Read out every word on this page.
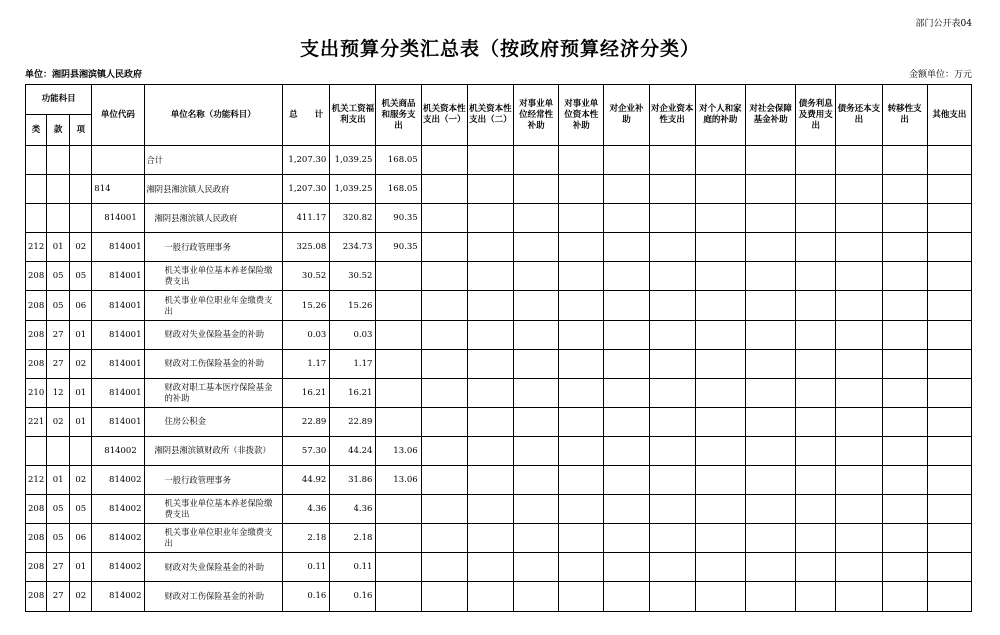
部门公开表04
支出预算分类汇总表（按政府预算经济分类）
单位：湘阴县湘滨镇人民政府	金额单位：万元
功能科目			单位代码	单位名称（功能科目）	总　　计	机关工资福利支出	机关商品和服务支出	机关资本性支出（一）	机关资本性支出（二）	对事业单位经常性补助	对事业单位资本性补助	对企业补助	对企业资本性支出	对个人和家庭的补助	对社会保障基金补助	债务利息及费用支出	债务还本支出	转移性支出	其他支出
类	款	项																	
				合计	1,207.30	1,039.25	168.05												
			814	湘阴县湘滨镇人民政府	1,207.30	1,039.25	168.05												
			814001	湘阴县湘滨镇人民政府	411.17	320.82	90.35												
212	01	02	814001	一般行政管理事务	325.08	234.73	90.35												
208	05	05	814001	机关事业单位基本养老保险缴费支出	30.52	30.52													
208	05	06	814001	机关事业单位职业年金缴费支出	15.26	15.26													
208	27	01	814001	财政对失业保险基金的补助	0.03	0.03													
208	27	02	814001	财政对工伤保险基金的补助	1.17	1.17													
210	12	01	814001	财政对职工基本医疗保险基金的补助	16.21	16.21													
221	02	01	814001	住房公积金	22.89	22.89													
			814002	湘阴县湘滨镇财政所（非拨款）	57.30	44.24	13.06												
212	01	02	814002	一般行政管理事务	44.92	31.86	13.06												
208	05	05	814002	机关事业单位基本养老保险缴费支出	4.36	4.36													
208	05	06	814002	机关事业单位职业年金缴费支出	2.18	2.18													
208	27	01	814002	财政对失业保险基金的补助	0.11	0.11													
208	27	02	814002	财政对工伤保险基金的补助	0.16	0.16													
